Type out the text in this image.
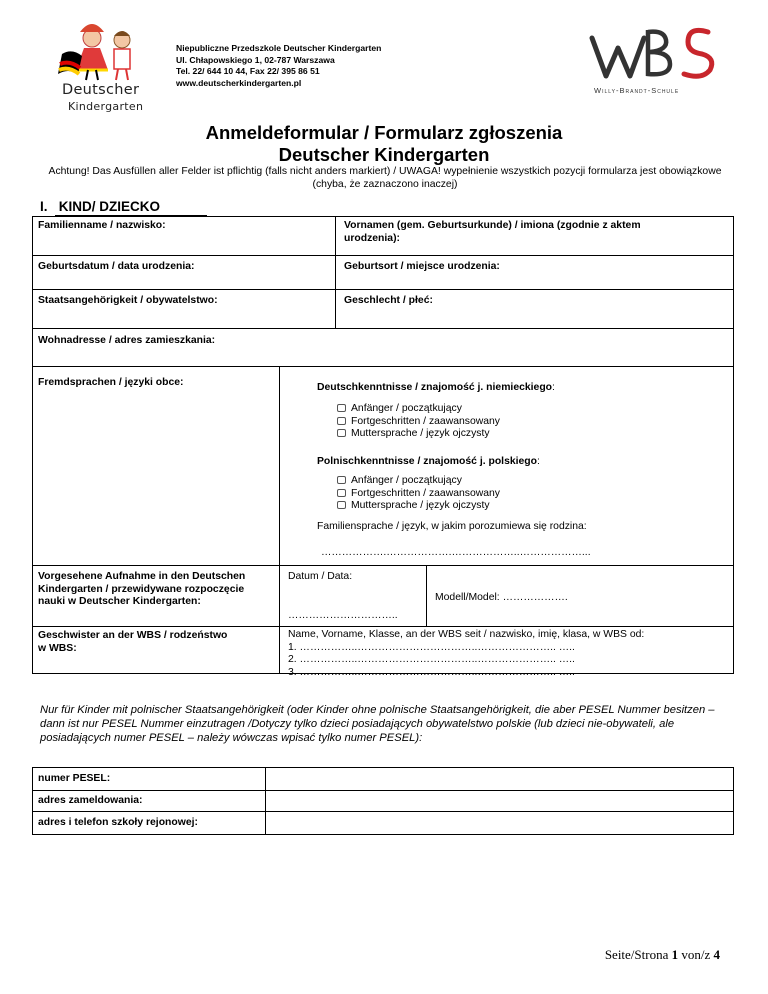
Deutscher
Kindergarten
Niepubliczne Przedszkole Deutscher Kindergarten
Ul. Chłapowskiego 1, 02-787 Warszawa
Tel. 22/ 644 10 44, Fax 22/ 395 86 51
www.deutscherkindergarten.pl
Willy-Brandt-Schule
Anmeldeformular / Formularz zgłoszenia
Deutscher Kindergarten
Achtung! Das Ausfüllen aller Felder ist pflichtig (falls nicht anders markiert) / UWAGA! wypełnienie wszystkich pozycji formularza jest obowiązkowe (chyba, że zaznaczono inaczej)
I.   KIND/ DZIECKO
Familienname / nazwisko:	Vornamen (gem. Geburtsurkunde) / imiona (zgodnie z aktem urodzenia):
Geburtsdatum / data urodzenia:	Geburtsort / miejsce urodzenia:
Staatsangehörigkeit / obywatelstwo:	Geschlecht / płeć:
Wohnadresse / adres zamieszkania:
Fremdsprachen / języki obce:	Deutschkenntnisse / znajomość j. niemieckiego:
Anfänger / początkujący
Fortgeschritten / zaawansowany
Muttersprache / język ojczysty
Polnischkenntnisse / znajomość j. polskiego:
Anfänger / początkujący
Fortgeschritten / zaawansowany
Muttersprache / język ojczysty
Familiensprache / język, w jakim porozumiewa się rodzina:
……………….……………….………………..………………...
Vorgesehene Aufnahme in den Deutschen Kindergarten / przewidywane rozpoczęcie nauki w Deutscher Kindergarten:
Datum / Data:
…………………………..
Modell/Model: ……………….
Geschwister an der WBS / rodzeństwo w WBS:
Name, Vorname, Klasse, an der WBS seit / nazwisko, imię, klasa, w WBS od:
1. ……………..……………………………..………………….. …..
2. ……………..……………………………..………………….. …..
3. ……………..……………………………..………………….. …..
Nur für Kinder mit polnischer Staatsangehörigkeit (oder Kinder ohne polnische Staatsangehörigkeit, die aber PESEL Nummer besitzen – dann ist nur PESEL Nummer einzutragen /Dotyczy tylko dzieci posiadających obywatelstwo polskie (lub dzieci nie-obywateli, ale posiadających numer PESEL – należy wówczas wpisać tylko numer PESEL):
numer PESEL:
adres zameldowania:
adres i telefon szkoły rejonowej:
Seite/Strona 1 von/z 4
